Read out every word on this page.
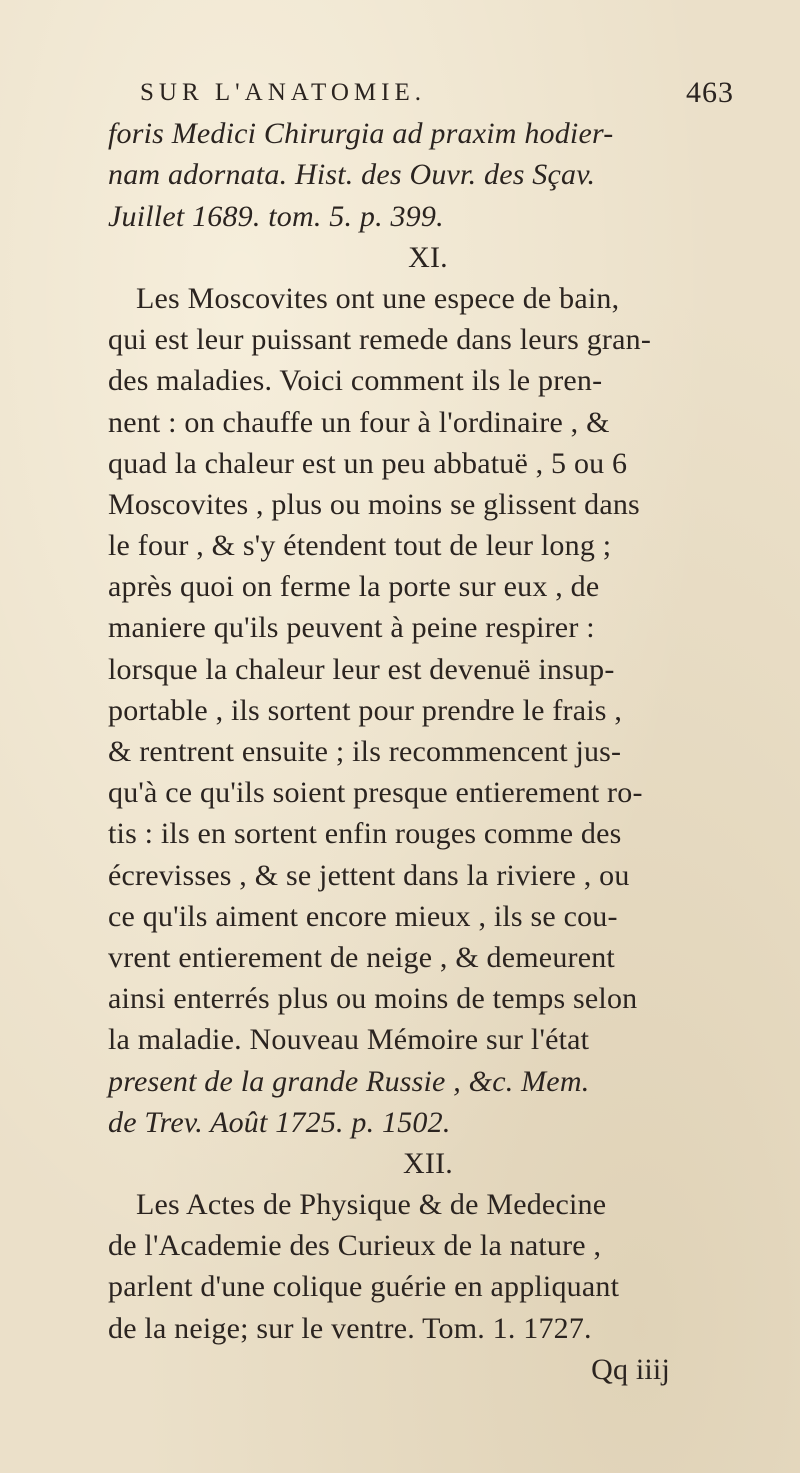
SUR L'ANATOMIE.	463
foris Medici Chirurgia ad praxim hodier-
nam adornata. Hist. des Ouvr. des Sçav.
Juillet 1689. tom. 5. p. 399.
XI.
Les Moscovites ont une espece de bain,
qui est leur puissant remede dans leurs gran-
des maladies. Voici comment ils le pren-
nent : on chauffe un four à l'ordinaire , &
quad la chaleur est un peu abbatuë , 5 ou 6
Moscovites , plus ou moins se glissent dans
le four , & s'y étendent tout de leur long ;
après quoi on ferme la porte sur eux , de
maniere qu'ils peuvent à peine respirer :
lorsque la chaleur leur est devenuë insup-
portable , ils sortent pour prendre le frais ,
& rentrent ensuite ; ils recommencent jus-
qu'à ce qu'ils soient presque entierement ro-
tis : ils en sortent enfin rouges comme des
écrevisses , & se jettent dans la riviere , ou
ce qu'ils aiment encore mieux , ils se cou-
vrent entierement de neige , & demeurent
ainsi enterrés plus ou moins de temps selon
la maladie. Nouveau Mémoire sur l'état
present de la grande Russie , &c. Mem.
de Trev. Août 1725. p. 1502.
XII.
Les Actes de Physique & de Medecine
de l'Academie des Curieux de la nature ,
parlent d'une colique guérie en appliquant
de la neige; sur le ventre. Tom. 1. 1727.
Qq iiij
